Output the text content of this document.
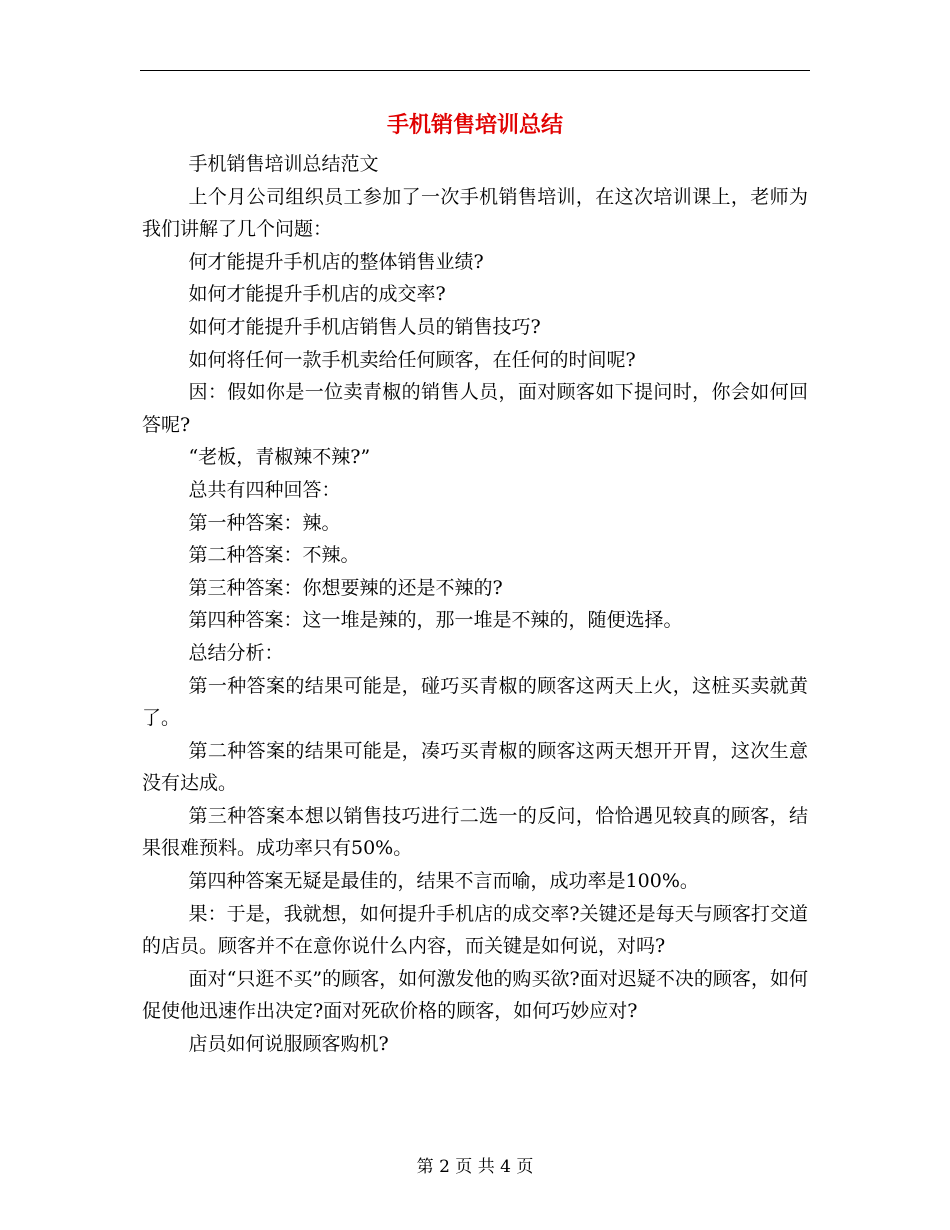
手机销售培训总结

手机销售培训总结范文

上个月公司组织员工参加了一次手机销售培训，在这次培训课上，老师为我们讲解了几个问题：

何才能提升手机店的整体销售业绩?

如何才能提升手机店的成交率?

如何才能提升手机店销售人员的销售技巧?

如何将任何一款手机卖给任何顾客，在任何的时间呢?

因：假如你是一位卖青椒的销售人员，面对顾客如下提问时，你会如何回答呢?

“老板，青椒辣不辣?”

总共有四种回答：

第一种答案：辣。

第二种答案：不辣。

第三种答案：你想要辣的还是不辣的?

第四种答案：这一堆是辣的，那一堆是不辣的，随便选择。

总结分析：

第一种答案的结果可能是，碰巧买青椒的顾客这两天上火，这桩买卖就黄了。

第二种答案的结果可能是，凑巧买青椒的顾客这两天想开开胃，这次生意没有达成。

第三种答案本想以销售技巧进行二选一的反问，恰恰遇见较真的顾客，结果很难预料。成功率只有50%。

第四种答案无疑是最佳的，结果不言而喻，成功率是100%。

果：于是，我就想，如何提升手机店的成交率?关键还是每天与顾客打交道的店员。顾客并不在意你说什么内容，而关键是如何说，对吗?

面对“只逛不买”的顾客，如何激发他的购买欲?面对迟疑不决的顾客，如何促使他迅速作出决定?面对死砍价格的顾客，如何巧妙应对?

店员如何说服顾客购机?

第 2 页 共 4 页
